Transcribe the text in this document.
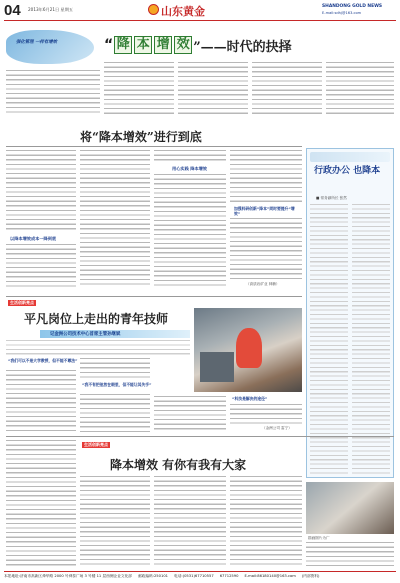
04 2013年6月21日 星期五	山东黄金	SHANDONG GOLD NEWS
E-mail:sdhj@163.com
强化管理 一样有增效	“ 降 本 增 效 ”——时代的抉择
将“降本增效”进行到底
以降本增效成本一降到底
用心实践 降本增效
加强科研创新“降本”同时要提升“增效”
（高质岩矿业 林楠）
行政办公 也降本
■ 常务副所长 张然
生活创新亮点
平凡岗位上走出的青年技师
记金洲公司技术中心首席主管孙继斌
“我们可以不是大学教授，但不能不尊法”
“我不有把他放在眼里，但不能让其失手”
“科技是解决的途径”
（金洲公司 雷宁）
生活创新亮点
降本增效 有你有我有大家
描画图片为广
本报地址:济南市高新区舜华路 2000 号舜泰广场 3 号楼 11 层西侧企业文化部 邮政编码:250101 电话:(0531)67710557 67712590 E-mail:86180140@163.com (内部资料)
